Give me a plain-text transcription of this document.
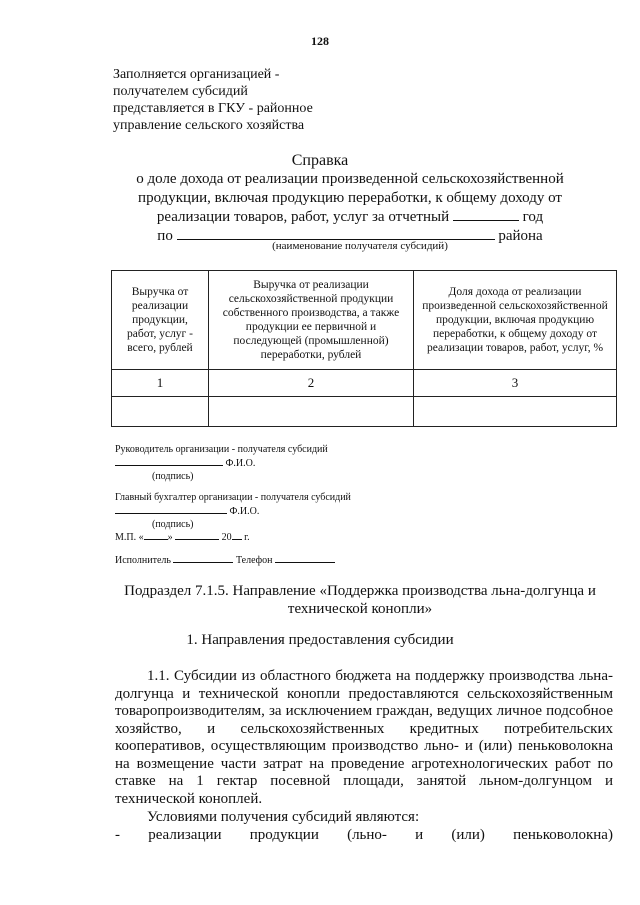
128
Заполняется организацией -
получателем субсидий
представляется в ГКУ - районное
управление сельского хозяйства
Справка
о доле дохода от реализации произведенной сельскохозяйственной
продукции, включая продукцию переработки, к общему доходу от
реализации товаров, работ, услуг за отчетный	год
по	района
(наименование получателя субсидий)
Выручка от реализации продукции, работ, услуг - всего, рублей	Выручка от реализации сельскохозяйственной продукции собственного производства, а также продукции ее первичной и последующей (промышленной) переработки, рублей	Доля дохода от реализации произведенной сельскохозяйственной продукции, включая продукцию переработки, к общему доходу от реализации товаров, работ, услуг, %
1	2	3

Руководитель организации - получателя субсидий
Ф.И.О.
(подпись)
Главный бухгалтер организации - получателя субсидий
Ф.И.О.
(подпись)
М.П. « »	20 г.
Исполнитель	Телефон
Подраздел 7.1.5. Направление «Поддержка производства льна-долгунца и
технической конопли»
1. Направления предоставления субсидии

1.1. Субсидии из областного бюджета на поддержку производства льна-долгунца и технической конопли предоставляются сельскохозяйственным товаропроизводителям, за исключением граждан, ведущих личное подсобное хозяйство, и сельскохозяйственных кредитных потребительских кооперативов, осуществляющим производство льно- и (или) пеньковолокна на возмещение части затрат на проведение агротехнологических работ по ставке на 1 гектар посевной площади, занятой льном-долгунцом и технической коноплей.

Условиями получения субсидий являются:
- реализации продукции (льно- и (или) пеньковолокна)
